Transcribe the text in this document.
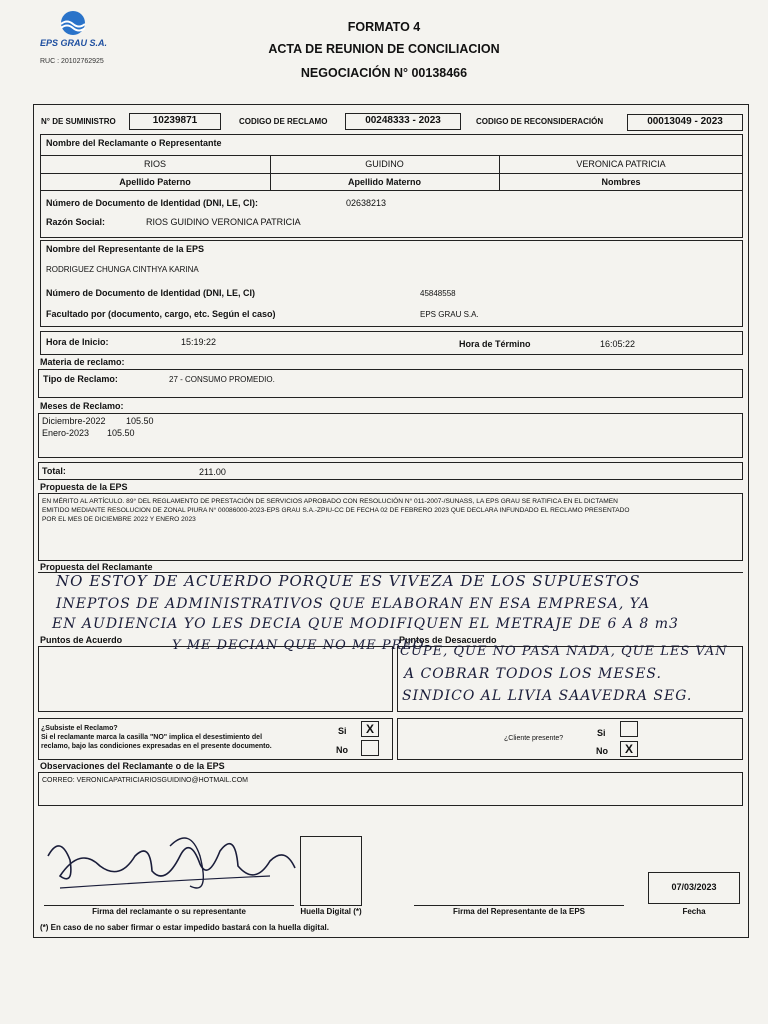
EPS GRAU S.A.
RUC : 20102762925
FORMATO 4
ACTA DE REUNION DE CONCILIACION
NEGOCIACIÓN N° 00138466
N° DE SUMINISTRO	10239871	CODIGO DE RECLAMO	00248333 - 2023	CODIGO DE RECONSIDERACIÓN	00013049 - 2023
Nombre del Reclamante o Representante
RIOS	GUIDINO	VERONICA PATRICIA
Apellido Paterno	Apellido Materno	Nombres
Número de Documento de Identidad (DNI, LE, CI):	02638213
Razón Social:	RIOS GUIDINO VERONICA PATRICIA
Nombre del Representante de la EPS
RODRIGUEZ CHUNGA CINTHYA KARINA
Número de Documento de Identidad (DNI, LE, CI)	45848558
Facultado por (documento, cargo, etc. Según el caso)	EPS GRAU S.A.
Hora de Inicio:	15:19:22	Hora de Término	16:05:22
Materia de reclamo:
Tipo de Reclamo:	27 - CONSUMO PROMEDIO.
Meses de Reclamo:
Diciembre-2022 105.50
Enero-2023 105.50
Total:	211.00
Propuesta de la EPS
EN MÉRITO AL ARTÍCULO. 89° DEL REGLAMENTO DE PRESTACIÓN DE SERVICIOS APROBADO CON RESOLUCIÓN N° 011-2007-/SUNASS, LA EPS GRAU SE RATIFICA EN EL DICTAMEN
EMITIDO MEDIANTE RESOLUCION DE ZONAL PIURA N° 00086000-2023-EPS GRAU S.A.-ZPIU-CC DE FECHA 02 DE FEBRERO 2023 QUE DECLARA INFUNDADO EL RECLAMO PRESENTADO
POR EL MES DE DICIEMBRE 2022 Y ENERO 2023
Propuesta del Reclamante
NO ESTOY DE ACUERDO PORQUE ES VIVEZA DE LOS SUPUESTOS
INEPTOS DE ADMINISTRATIVOS QUE ELABORAN EN ESA EMPRESA, YA
EN AUDIENCIA YO LES DECIA QUE MODIFIQUEN EL METRAJE DE 6 A 8 m3
Puntos de Acuerdo	Puntos de Desacuerdo
Y ME DECIAN QUE NO ME PREO-
CUPE, QUE NO PASA NADA, QUE LES VAN
A COBRAR TODOS LOS MESES.
SINDICO AL LIVIA SAAVEDRA SEG.
¿Subsiste el Reclamo?
Si el reclamante marca la casilla "NO" implica el desestimiento del
reclamo, bajo las condiciones expresadas en el presente documento.
Si	X
No
¿Cliente presente?
Si
No	X
Observaciones del Reclamante o de la EPS
CORREO: VERONICAPATRICIARIOSGUIDINO@HOTMAIL.COM
Firma del reclamante o su representante	Huella Digital (*)	Firma del Representante de la EPS
07/03/2023
Fecha
(*) En caso de no saber firmar o estar impedido bastará con la huella digital.
